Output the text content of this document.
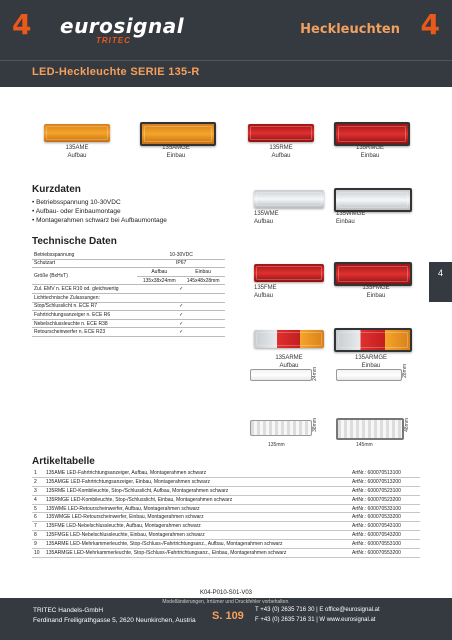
4 eurosignal
TRITEC
Heckleuchten 4
LED-Heckleuchte SERIE 135-R
135AME
Aufbau
135AMGE
Einbau
135RME
Aufbau
135RMGE
Einbau
135WME
Aufbau
135WMGE
Einbau
135FME
Aufbau
135FMGE
Einbau
135ARME
Aufbau
135ARMGE
Einbau
4
Kurzdaten
• Betriebsspannung 10-30VDC
• Aufbau- oder Einbaumontage
• Montagerahmen schwarz bei Aufbaumontage
Technische Daten
Betriebsspannung	10-30VDC	
Schutzart	IP67	
Größe (BxHxT)	Aufbau	Einbau
	135x38x24mm	145x48x28mm
Zul. EMV n. ECE R10 od. gleichwertig	✓	
Lichttechnische Zulassungen:		
Stop/Schlusslicht n. ECE R7	✓	
Fahrtrichtungsanzeiger n. ECE R6	✓	
Nebelschlussleuchte n. ECE R38	✓	
Retourscheinwerfer n. ECE R23	✓	
24mm	28mm
38mm	48mm
135mm	145mm
Artikeltabelle
1	135AME LED-Fahrtrichtungsanzeiger, Aufbau, Montagerahmen schwarz	ArtNr.: 600070513100
2	135AMGE LED-Fahrtrichtungsanzeiger, Einbau, Montagerahmen schwarz	ArtNr.: 600070513200
3	135RME LED-Kombileuchte, Stop-/Schlusslicht, Aufbau, Montagerahmen schwarz	ArtNr.: 600070523100
4	135RMGE LED-Kombileuchte, Stop-/Schlusslicht, Einbau, Montagerahmen schwarz	ArtNr.: 600070523200
5	135WME LED-Retourscheinwerfer, Aufbau, Montagerahmen schwarz	ArtNr.: 600070533100
6	135WMGE LED-Retourscheinwerfer, Einbau, Montagerahmen schwarz	ArtNr.: 600070533200
7	135FME LED-Nebelschlussleuchte, Aufbau, Montagerahmen schwarz	ArtNr.: 600070543100
8	135FMGE LED-Nebelschlussleuchte, Einbau, Montagerahmen schwarz	ArtNr.: 600070543200
9	135ARME LED-Mehrkammerleuchte, Stop-/Schluss-/Fahrtrichtungsanz., Aufbau, Montagerahmen schwarz	ArtNr.: 600070553100
10	135ARMGE LED-Mehrkammerleuchte, Stop-/Schluss-/Fahrtrichtungsanz., Einbau, Montagerahmen schwarz	ArtNr.: 600070553200
K04-P010-S01-V03
Modelländerungen, Irrtümer und Druckfehler vorbehalten.
TRITEC Handels-GmbH
Ferdinand Freiligrathgasse 5, 2620 Neunkirchen, Austria S. 109 T +43 (0) 2635 716 30 | E office@eurosignal.at
F +43 (0) 2635 716 31 | W www.eurosignal.at
